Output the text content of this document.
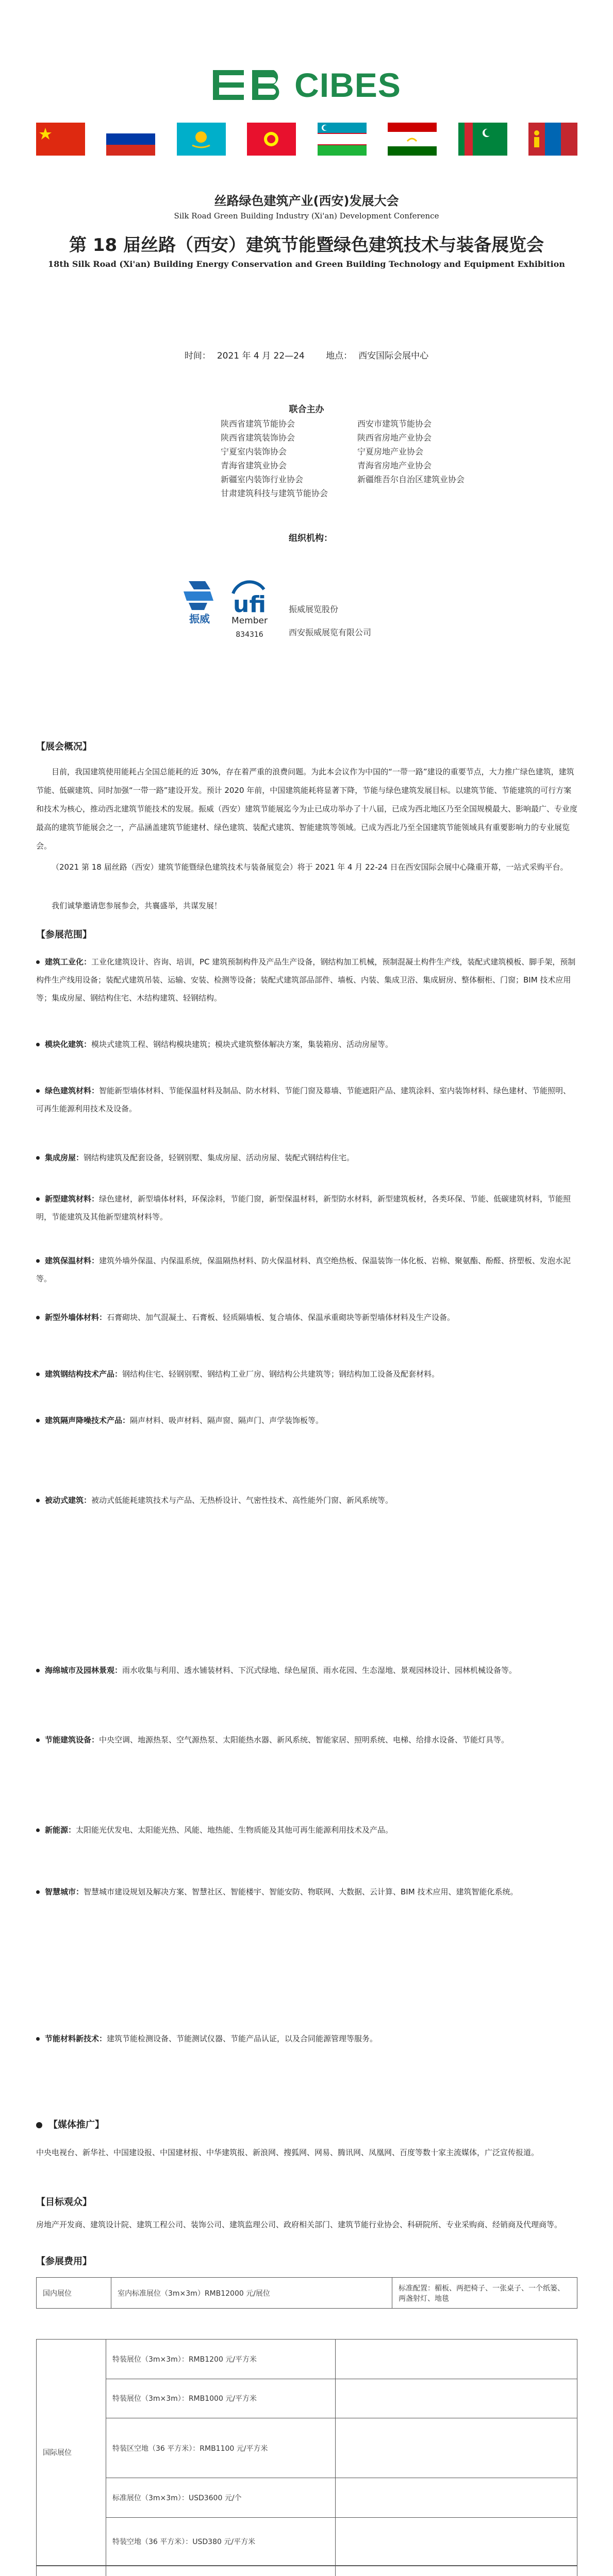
CIBES
丝路绿色建筑产业(西安)发展大会
Silk Road Green Building Industry (Xi'an) Development Conference
第 18 届丝路（西安）建筑节能暨绿色建筑技术与装备展览会
18th Silk Road (Xi'an) Building Energy Conservation and Green Building Technology and Equipment Exhibition
时间： 2021 年 4 月 22—24 地点： 西安国际会展中心
联合主办
陕西省建筑节能协会	西安市建筑节能协会
陕西省建筑装饰协会	陕西省房地产业协会
宁夏室内装饰协会	宁夏房地产业协会
青海省建筑业协会	青海省房地产业协会
新疆室内装饰行业协会	新疆维吾尔自治区建筑业协会
甘肃建筑科技与建筑节能协会
组织机构：
振威
ufi
Member
834316
振威展览股份
西安振威展览有限公司
【展会概况】
目前，我国建筑使用能耗占全国总能耗的近 30%，存在着严重的浪费问题。为此本会议作为中国的“一带一路”建设的重要节点，大力推广绿色建筑，建筑节能、低碳建筑、同时加强“一带一路”建设开发。预计 2020 年前，中国建筑能耗将显著下降，节能与绿色建筑发展目标。以建筑节能、节能建筑的可行方案和技术为核心，推动西北建筑节能技术的发展。振威（西安）建筑节能展迄今为止已成功举办了十八届，已成为西北地区乃至全国规模最大、影响最广、专业度最高的建筑节能展会之一，产品涵盖建筑节能建材、绿色建筑、装配式建筑、智能建筑等领域。已成为西北乃至全国建筑节能领域具有重要影响力的专业展览会。
（2021 第 18 届丝路（西安）建筑节能暨绿色建筑技术与装备展览会）将于 2021 年 4 月 22-24 日在西安国际会展中心隆重开幕，一站式采购平台。
我们诚挚邀请您参展参会，共襄盛举，共谋发展！
【参展范围】
建筑工业化：工业化建筑设计、咨询、培训，PC 建筑预制构件及产品生产设备，钢结构加工机械，预制混凝土构件生产线，装配式建筑模板、脚手架，预制构件生产线用设备；装配式建筑吊装、运输、安装、检测等设备；装配式建筑部品部件、墙板、内装、集成卫浴、集成厨房、整体橱柜、门窗；BIM 技术应用等；集成房屋、钢结构住宅、木结构建筑、轻钢结构。
模块化建筑：模块式建筑工程、钢结构模块建筑；模块式建筑整体解决方案，集装箱房、活动房屋等。
绿色建筑材料：智能新型墙体材料、节能保温材料及制品、防水材料、节能门窗及幕墙、节能遮阳产品、建筑涂料、室内装饰材料、绿色建材、节能照明、可再生能源利用技术及设备。
集成房屋：钢结构建筑及配套设备，轻钢别墅、集成房屋、活动房屋、装配式钢结构住宅。
新型建筑材料：绿色建材，新型墙体材料，环保涂料，节能门窗，新型保温材料，新型防水材料，新型建筑板材，各类环保、节能、低碳建筑材料，节能照明，节能建筑及其他新型建筑材料等。
建筑保温材料：建筑外墙外保温、内保温系统，保温隔热材料、防火保温材料、真空绝热板、保温装饰一体化板、岩棉、聚氨酯、酚醛、挤塑板、发泡水泥等。
新型外墙体材料：石膏砌块、加气混凝土、石膏板、轻质隔墙板、复合墙体、保温承重砌块等新型墙体材料及生产设备。
建筑钢结构技术产品：钢结构住宅、轻钢别墅、钢结构工业厂房、钢结构公共建筑等；钢结构加工设备及配套材料。
建筑隔声降噪技术产品：隔声材料、吸声材料、隔声窗、隔声门、声学装饰板等。
被动式建筑：被动式低能耗建筑技术与产品、无热桥设计、气密性技术、高性能外门窗、新风系统等。
海绵城市及园林景观：雨水收集与利用、透水铺装材料、下沉式绿地、绿色屋顶、雨水花园、生态湿地、景观园林设计、园林机械设备等。
节能建筑设备：中央空调、地源热泵、空气源热泵、太阳能热水器、新风系统、智能家居、照明系统、电梯、给排水设备、节能灯具等。
新能源：太阳能光伏发电、太阳能光热、风能、地热能、生物质能及其他可再生能源利用技术及产品。
智慧城市：智慧城市建设规划及解决方案、智慧社区、智能楼宇、智能安防、物联网、大数据、云计算、BIM 技术应用、建筑智能化系统。
节能材料新技术：建筑节能检测设备、节能测试仪器、节能产品认证，以及合同能源管理等服务。
【媒体推广】
中央电视台、新华社、中国建设报、中国建材报、中华建筑报、新浪网、搜狐网、网易、腾讯网、凤凰网、百度等数十家主流媒体，广泛宣传报道。
【目标观众】
房地产开发商、建筑设计院、建筑工程公司、装饰公司、建筑监理公司、政府相关部门、建筑节能行业协会、科研院所、专业采购商、经销商及代理商等。
【参展费用】
国内展位	室内标准展位（3m×3m）RMB12000 元/展位	标准配置：楣板、两把椅子、一张桌子、一个纸篓、两盏射灯、地毯
国际展位	特装展位（3m×3m）：RMB1200 元/平方米	
	特装展位（3m×3m）：RMB1000 元/平方米	
	特装区空地（36 平方米）：RMB1100 元/平方米	
	标准展位（3m×3m）：USD3600 元/个	
	特装空地（36 平方米）：USD380 元/平方米	
